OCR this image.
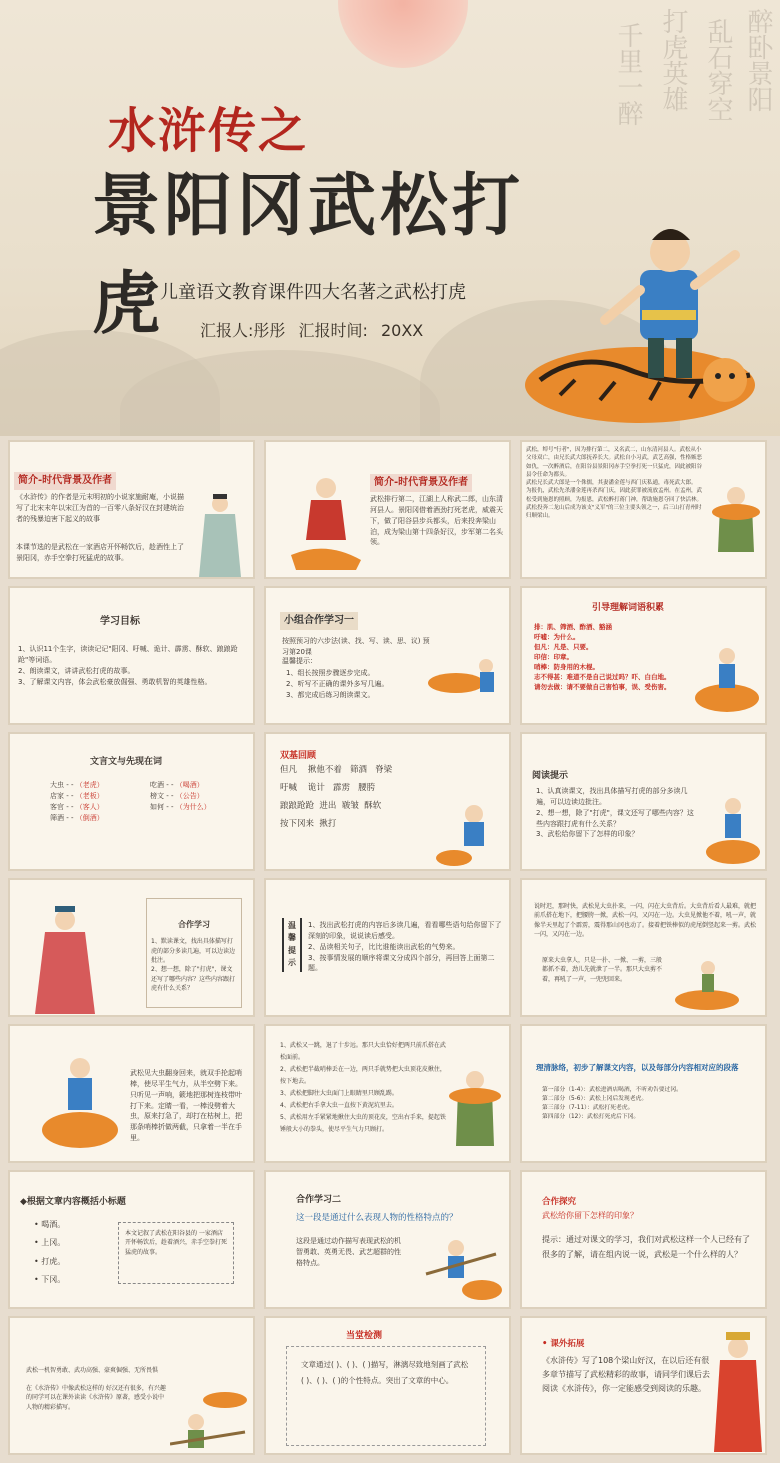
醉卧景阳
乱石穿空
打虎英雄
千里一醉
水浒传之
景阳冈武松打
虎 儿童语文教育课件四大名著之武松打虎
汇报人:彤彤 汇报时间: 20XX
简介-时代背景及作者
《水浒传》的作者是元末明初的小说家施耐庵，小说描写了北宋末年以宋江为首的一百零八条好汉在封建统治者的残暴迫害下起义的故事
本课节选的是武松在一家酒店开怀畅饮后，趁酒性上了景阳冈，赤手空拳打死猛虎的故事。
简介-时代背景及作者
武松排行第二，江湖上人称武二郎，山东清河县人。景阳冈借着酒劲打死老虎，威震天下，做了阳谷县步兵都头，后来投奔梁山泊，成为梁山第十四条好汉，步军第二名头领。
武松，绰号"行者"，因为排行第二，又名武二，山东清河县人。武松从小父母双亡，由兄长武大郎抚养长大。武松自小习武，武艺高强，性格嫉恶如仇，一次醉酒后，在阳谷县景阳冈赤手空拳打死一只猛虎，因此被阳谷县令任命为都头。
武松兄长武大郎是一个侏儒，其妻潘金莲与西门庆私通，毒死武大郎。
为报仇，武松先杀潘金莲再杀西门庆，因此获罪被流放孟州。在孟州，武松受到施恩的照顾，为报恩，武松醉打蒋门神，帮助施恩夺回了快活林。
武松投奔二龙山后成为该支"义军"的三位主要头领之一，后三山打青州时归顺梁山。
学习目标
1、认识11个生字，读读记记"阳冈、吁喊、诡计、霹雳、酥软、踉踉跄跄"等词语。
2、朗读课文，讲讲武松打虎的故事。
3、了解课文内容，体会武松豪放倔强、勇敢机智的英雄性格。
小组合作学习一
按照预习的六步法(读、找、写、读、思、议) 预习第20课
温馨提示：
1、组长按照步骤逐步完成。
2、听写不正确的课外多写几遍。
3、都完成后练习朗读课文。
引导理解词语积累
排：肌、筛酒、酢酒、豁涵
吁嘘：为什么。
但凡：凡是、只要。
印信：印章。
哨棒：防身用的木棍。
志不得甚：难道不是自己说过吗？吓、白白地。
请勿去做：请不要做自己害怕事，误、受伤害。
文言文与先现在词
大虫 - - （老虎）
店家 - - （老板）
客官 - - （客人）
筛酒 - - （倒酒）
吃酒 - - （喝酒）
榜文 - - （公告）
如何 - - （为什么）
双基回顾
但凡 揪他不着 筛酒 脊梁
吁喊 诡计 霹雳 腰胯
踉踉跄跄 进出 皲皱 酥软
按下冈来 揪打
阅读提示
1、认真读课文，找出具体描写打虎的部分多读几遍，可以边读边批注。
2、想一想，除了"打虎"，课文还写了哪些内容？这些内容跟打虎有什么关系？
3、武松给你留下了怎样的印象？
合作学习
1、默读课文，找出具体描写打虎的部分多读几遍，可以边读边批注。
2、想一想，除了"打虎"，课文还写了哪些内容？这些内容跟打虎有什么关系？
温馨提示
1、找出武松打虎的内容后多读几遍，看看哪些语句给你留下了深刻的印象，说说读后感受。
2、品读相关句子，比比谁能读出武松的气势来。
3、按事情发展的顺序将课文分成四个部分，再回答上面第二题。
说时迟，那时快，武松见大虫扑来，一闪，闪在大虫背后。大虫背后看人最难，就把前爪搭在地下，把腰胯一掀，武松一闪，又闪在一边。大虫见掀他不着，吼一声，就像半天里起了个霹雳，震得那山冈也动了。接着把铁棒似的虎尾倒竖起来一剪。武松一闪，又闪在一边。
原来大虫拿人，只是一扑、一掀、一剪，三般都抓不着，劲儿先就泄了一半。那只大虫剪不着，再吼了一声，一兜兜回来。
武松见大虫翻身回来，就双手抡起哨棒，使尽平生气力，从半空劈下来。只听见一声响，簌地把那树连枝带叶打下来。定睛一看，一棒没劈着大虫，原来打急了，却打在枯树上，把那条哨棒折做两截，只拿着一半在手里。
1、武松又一跳，退了十步远。那只大虫恰好把两只前爪搭在武松面前。
2、武松把半截哨棒丢在一边，两只手就势把大虫顶花皮揪住，按下地去。
3、武松把脚往大虫面门上眼睛里只顾乱踢。
4、武松把右手拿大虫一直按下黄泥坑里去。
5、武松用左手紧紧地揪住大虫的顶花皮，空出右手来，提起铁锤般大小的拳头，使尽平生气力只顾打。
理清脉络，初步了解课文内容，以及每部分内容相对应的段落
第一部分（1-4）：武松进酒店喝酒，不听劝告要过冈。
第二部分（5-6）：武松上冈后发现老虎。
第三部分（7-11）：武松打死老虎。
第四部分（12）：武松打死虎后下冈。
◆根据文章内容概括小标题
• 喝酒。
• 上冈。
• 打虎。
• 下冈。
本文记叙了武松在阳谷县的 一家酒店开怀畅饮后，趁着酒兴，赤手空拳打死猛虎的故事。
合作学习二
这一段是通过什么表现人物的性格特点的？
这段是通过动作描写表现武松的机智勇敢、英勇无畏、武艺超群的性格特点。
合作探究
武松给你留下怎样的印象？
提示：通过对课文的学习，我们对武松这样一个人已经有了很多的了解，请在组内说一说，武松是一个什么样的人？
武松一机智勇敢、武功高强、豪爽倔强、无所畏惧
在《水浒传》中像武松这样的 好汉还有很多，有兴趣的同学可以在课外读读《水浒传》原著，感受小说中人物的精彩描写。
当堂检测
文章通过( )、( )、( )描写，淋漓尽致地刻画了武松( )、( )、( )的个性特点。突出了文章的中心。
• 课外拓展
《水浒传》写了108个梁山好汉，在以后还有很多章节描写了武松精彩的故事，请同学们课后去阅读《水浒传》，你一定能感受到阅读的乐趣。
